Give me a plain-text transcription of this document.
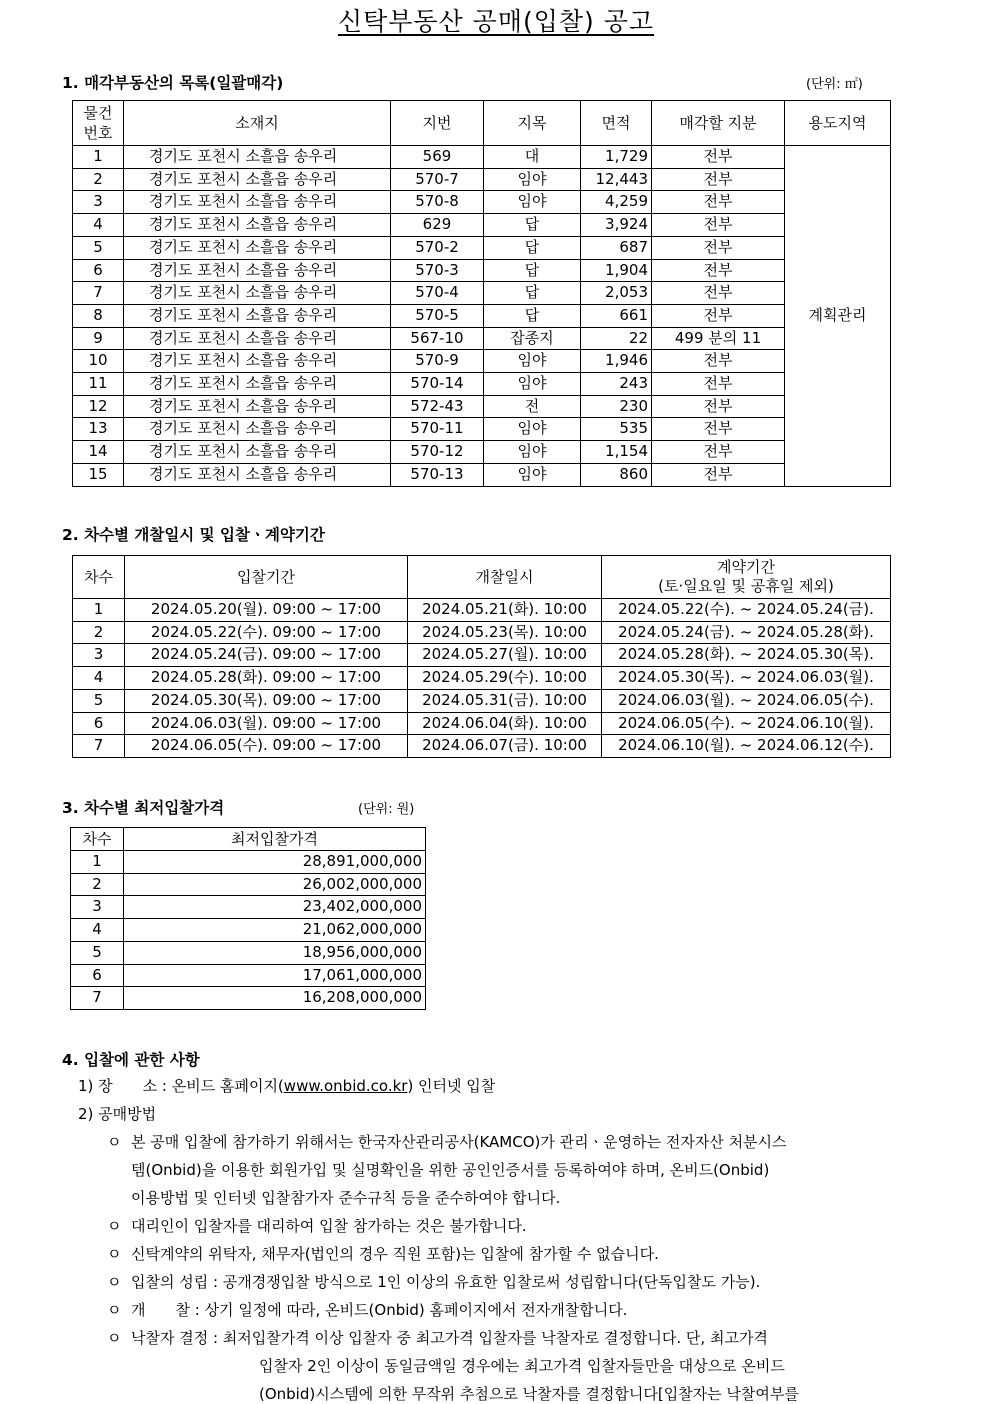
신탁부동산 공매(입찰) 공고
1. 매각부동산의 목록(일괄매각)	(단위: ㎡)
물건
번호	소재지	지번	지목	면적	매각할 지분	용도지역
1	경기도 포천시 소흘읍 송우리	569	대	1,729	전부	계획관리
2	경기도 포천시 소흘읍 송우리	570-7	임야	12,443	전부	
3	경기도 포천시 소흘읍 송우리	570-8	임야	4,259	전부	
4	경기도 포천시 소흘읍 송우리	629	답	3,924	전부	
5	경기도 포천시 소흘읍 송우리	570-2	답	687	전부	
6	경기도 포천시 소흘읍 송우리	570-3	답	1,904	전부	
7	경기도 포천시 소흘읍 송우리	570-4	답	2,053	전부	
8	경기도 포천시 소흘읍 송우리	570-5	답	661	전부	
9	경기도 포천시 소흘읍 송우리	567-10	잡종지	22	499 분의 11	
10	경기도 포천시 소흘읍 송우리	570-9	임야	1,946	전부	
11	경기도 포천시 소흘읍 송우리	570-14	임야	243	전부	
12	경기도 포천시 소흘읍 송우리	572-43	전	230	전부	
13	경기도 포천시 소흘읍 송우리	570-11	임야	535	전부	
14	경기도 포천시 소흘읍 송우리	570-12	임야	1,154	전부	
15	경기도 포천시 소흘읍 송우리	570-13	임야	860	전부	
2. 차수별 개찰일시 및 입찰ㆍ계약기간
차수	입찰기간	개찰일시	계약기간
(토·일요일 및 공휴일 제외)
1	2024.05.20(월). 09:00 ~ 17:00	2024.05.21(화). 10:00	2024.05.22(수). ~ 2024.05.24(금).
2	2024.05.22(수). 09:00 ~ 17:00	2024.05.23(목). 10:00	2024.05.24(금). ~ 2024.05.28(화).
3	2024.05.24(금). 09:00 ~ 17:00	2024.05.27(월). 10:00	2024.05.28(화). ~ 2024.05.30(목).
4	2024.05.28(화). 09:00 ~ 17:00	2024.05.29(수). 10:00	2024.05.30(목). ~ 2024.06.03(월).
5	2024.05.30(목). 09:00 ~ 17:00	2024.05.31(금). 10:00	2024.06.03(월). ~ 2024.06.05(수).
6	2024.06.03(월). 09:00 ~ 17:00	2024.06.04(화). 10:00	2024.06.05(수). ~ 2024.06.10(월).
7	2024.06.05(수). 09:00 ~ 17:00	2024.06.07(금). 10:00	2024.06.10(월). ~ 2024.06.12(수).
3. 차수별 최저입찰가격	(단위: 원)
차수	최저입찰가격
1	28,891,000,000
2	26,002,000,000
3	23,402,000,000
4	21,062,000,000
5	18,956,000,000
6	17,061,000,000
7	16,208,000,000
4. 입찰에 관한 사항
1) 장　　소 : 온비드 홈페이지(www.onbid.co.kr) 인터넷 입찰
2) 공매방법
ㅇ 본 공매 입찰에 참가하기 위해서는 한국자산관리공사(KAMCO)가 관리ㆍ운영하는 전자자산 처분시스
템(Onbid)을 이용한 회원가입 및 실명확인을 위한 공인인증서를 등록하여야 하며, 온비드(Onbid)
이용방법 및 인터넷 입찰참가자 준수규칙 등을 준수하여야 합니다.
ㅇ 대리인이 입찰자를 대리하여 입찰 참가하는 것은 불가합니다.
ㅇ 신탁계약의 위탁자, 채무자(법인의 경우 직원 포함)는 입찰에 참가할 수 없습니다.
ㅇ 입찰의 성립 : 공개경쟁입찰 방식으로 1인 이상의 유효한 입찰로써 성립합니다(단독입찰도 가능).
ㅇ 개　　찰 : 상기 일정에 따라, 온비드(Onbid) 홈페이지에서 전자개찰합니다.
ㅇ 낙찰자 결정 : 최저입찰가격 이상 입찰자 중 최고가격 입찰자를 낙찰자로 결정합니다. 단, 최고가격
입찰자 2인 이상이 동일금액일 경우에는 최고가격 입찰자들만을 대상으로 온비드
(Onbid)시스템에 의한 무작위 추첨으로 낙찰자를 결정합니다[입찰자는 낙찰여부를
